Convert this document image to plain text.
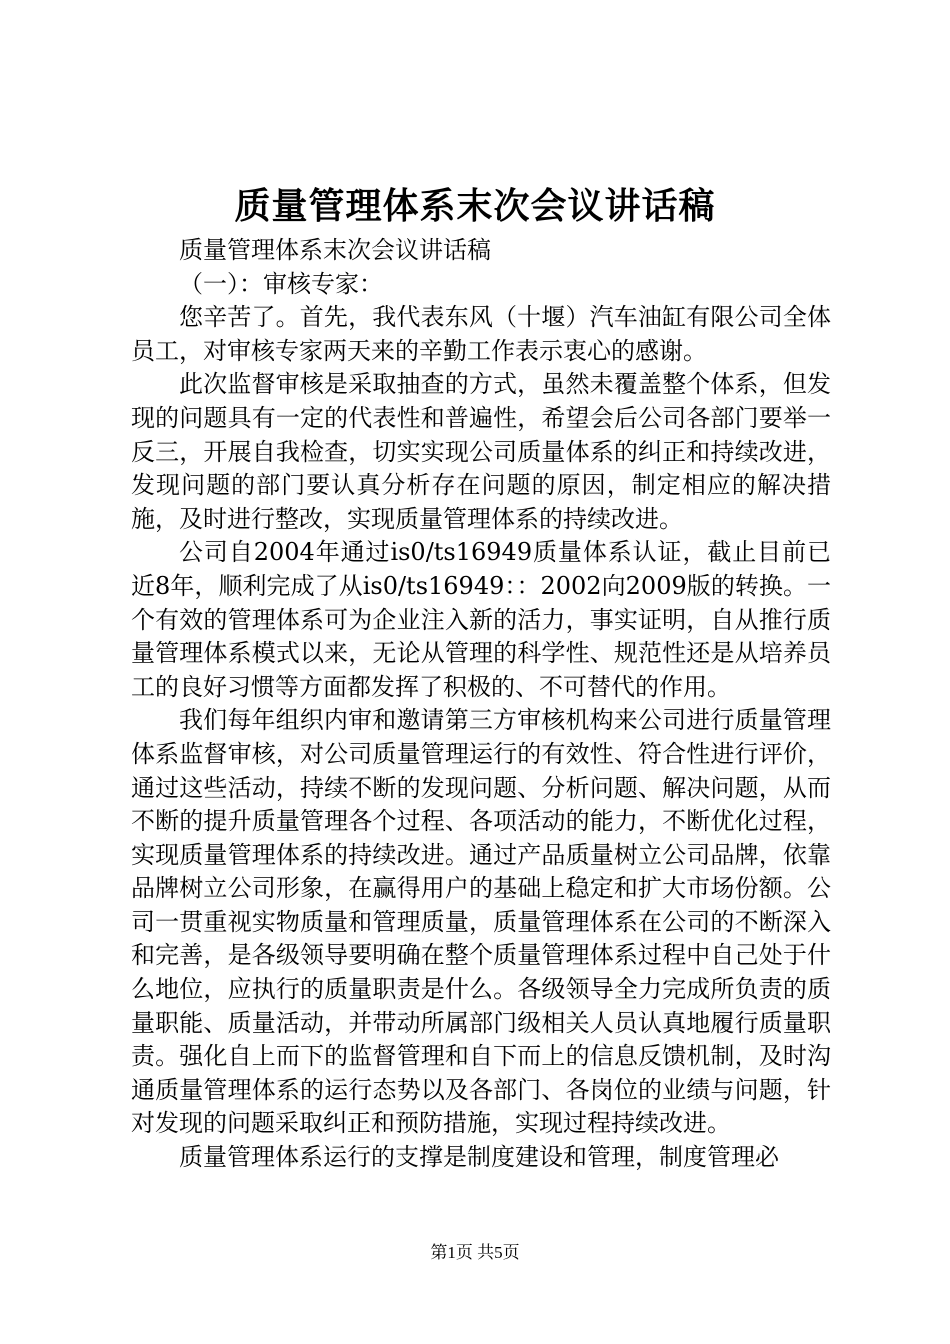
质量管理体系末次会议讲话稿

质量管理体系末次会议讲话稿

（一）：审核专家：

您辛苦了。首先，我代表东风（十堰）汽车油缸有限公司全体员工，对审核专家两天来的辛勤工作表示衷心的感谢。

此次监督审核是采取抽查的方式，虽然未覆盖整个体系，但发现的问题具有一定的代表性和普遍性，希望会后公司各部门要举一反三，开展自我检查，切实实现公司质量体系的纠正和持续改进，发现问题的部门要认真分析存在问题的原因，制定相应的解决措施，及时进行整改，实现质量管理体系的持续改进。

公司自2004年通过is0/ts16949质量体系认证，截止目前已近8年，顺利完成了从is0/ts16949：：2002向2009版的转换。一个有效的管理体系可为企业注入新的活力，事实证明，自从推行质量管理体系模式以来，无论从管理的科学性、规范性还是从培养员工的良好习惯等方面都发挥了积极的、不可替代的作用。

我们每年组织内审和邀请第三方审核机构来公司进行质量管理体系监督审核，对公司质量管理运行的有效性、符合性进行评价，通过这些活动，持续不断的发现问题、分析问题、解决问题，从而不断的提升质量管理各个过程、各项活动的能力，不断优化过程，实现质量管理体系的持续改进。通过产品质量树立公司品牌，依靠品牌树立公司形象，在赢得用户的基础上稳定和扩大市场份额。公司一贯重视实物质量和管理质量，质量管理体系在公司的不断深入和完善，是各级领导要明确在整个质量管理体系过程中自己处于什么地位，应执行的质量职责是什么。各级领导全力完成所负责的质量职能、质量活动，并带动所属部门级相关人员认真地履行质量职责。强化自上而下的监督管理和自下而上的信息反馈机制，及时沟通质量管理体系的运行态势以及各部门、各岗位的业绩与问题，针对发现的问题采取纠正和预防措施，实现过程持续改进。

质量管理体系运行的支撑是制度建设和管理，制度管理必

第1页 共5页
